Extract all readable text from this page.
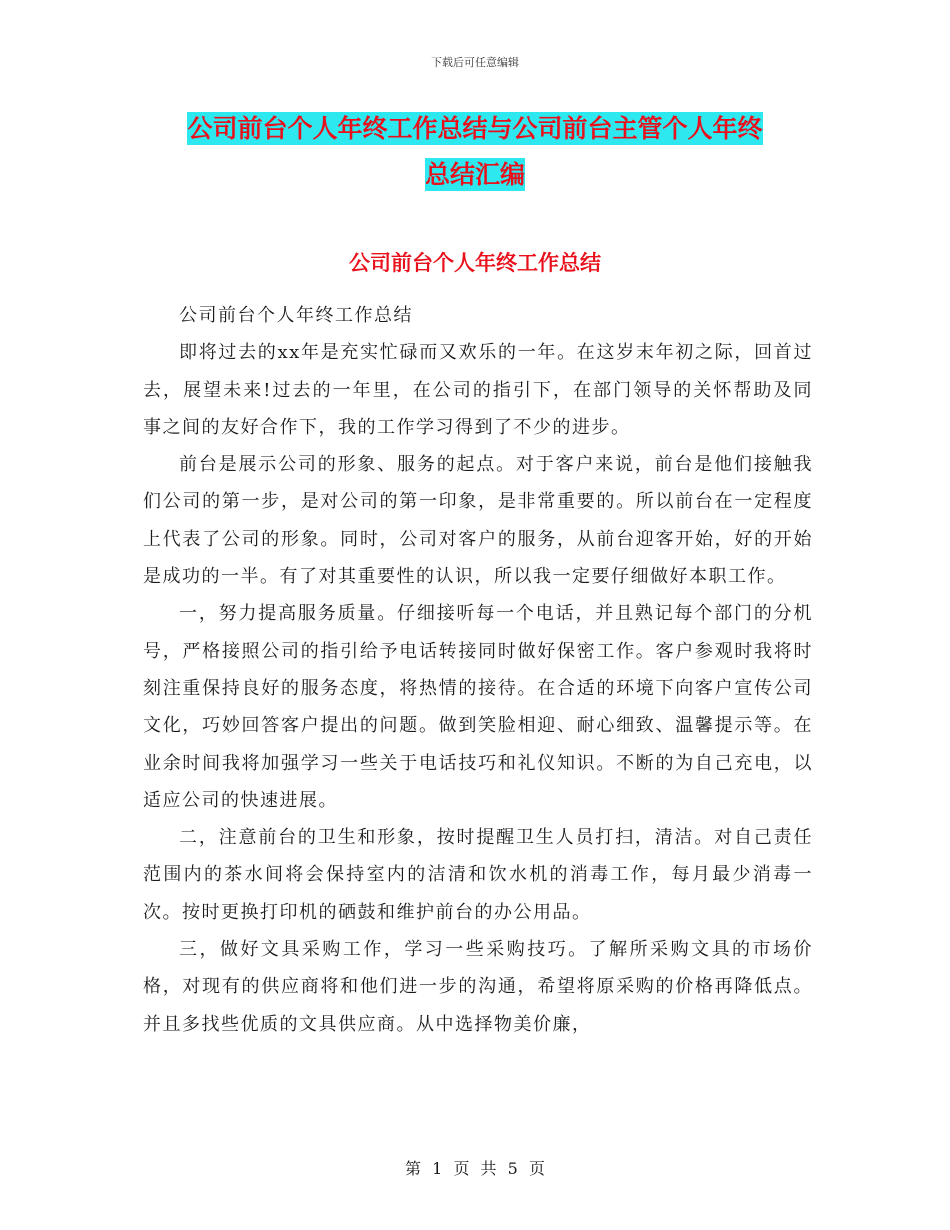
下载后可任意编辑
公司前台个人年终工作总结与公司前台主管个人年终
总结汇编
公司前台个人年终工作总结

公司前台个人年终工作总结

即将过去的xx年是充实忙碌而又欢乐的一年。在这岁末年初之际，回首过去，展望未来!过去的一年里，在公司的指引下，在部门领导的关怀帮助及同事之间的友好合作下，我的工作学习得到了不少的进步。

前台是展示公司的形象、服务的起点。对于客户来说，前台是他们接触我们公司的第一步，是对公司的第一印象，是非常重要的。所以前台在一定程度上代表了公司的形象。同时，公司对客户的服务，从前台迎客开始，好的开始是成功的一半。有了对其重要性的认识，所以我一定要仔细做好本职工作。

一，努力提高服务质量。仔细接听每一个电话，并且熟记每个部门的分机号，严格接照公司的指引给予电话转接同时做好保密工作。客户参观时我将时刻注重保持良好的服务态度，将热情的接待。在合适的环境下向客户宣传公司文化，巧妙回答客户提出的问题。做到笑脸相迎、耐心细致、温馨提示等。在业余时间我将加强学习一些关于电话技巧和礼仪知识。不断的为自己充电，以适应公司的快速进展。

二，注意前台的卫生和形象，按时提醒卫生人员打扫，清洁。对自己责任范围内的茶水间将会保持室内的洁清和饮水机的消毒工作，每月最少消毒一次。按时更换打印机的硒鼓和维护前台的办公用品。

三，做好文具采购工作，学习一些采购技巧。了解所采购文具的市场价格，对现有的供应商将和他们进一步的沟通，希望将原采购的价格再降低点。并且多找些优质的文具供应商。从中选择物美价廉，

第 1 页 共 5 页
